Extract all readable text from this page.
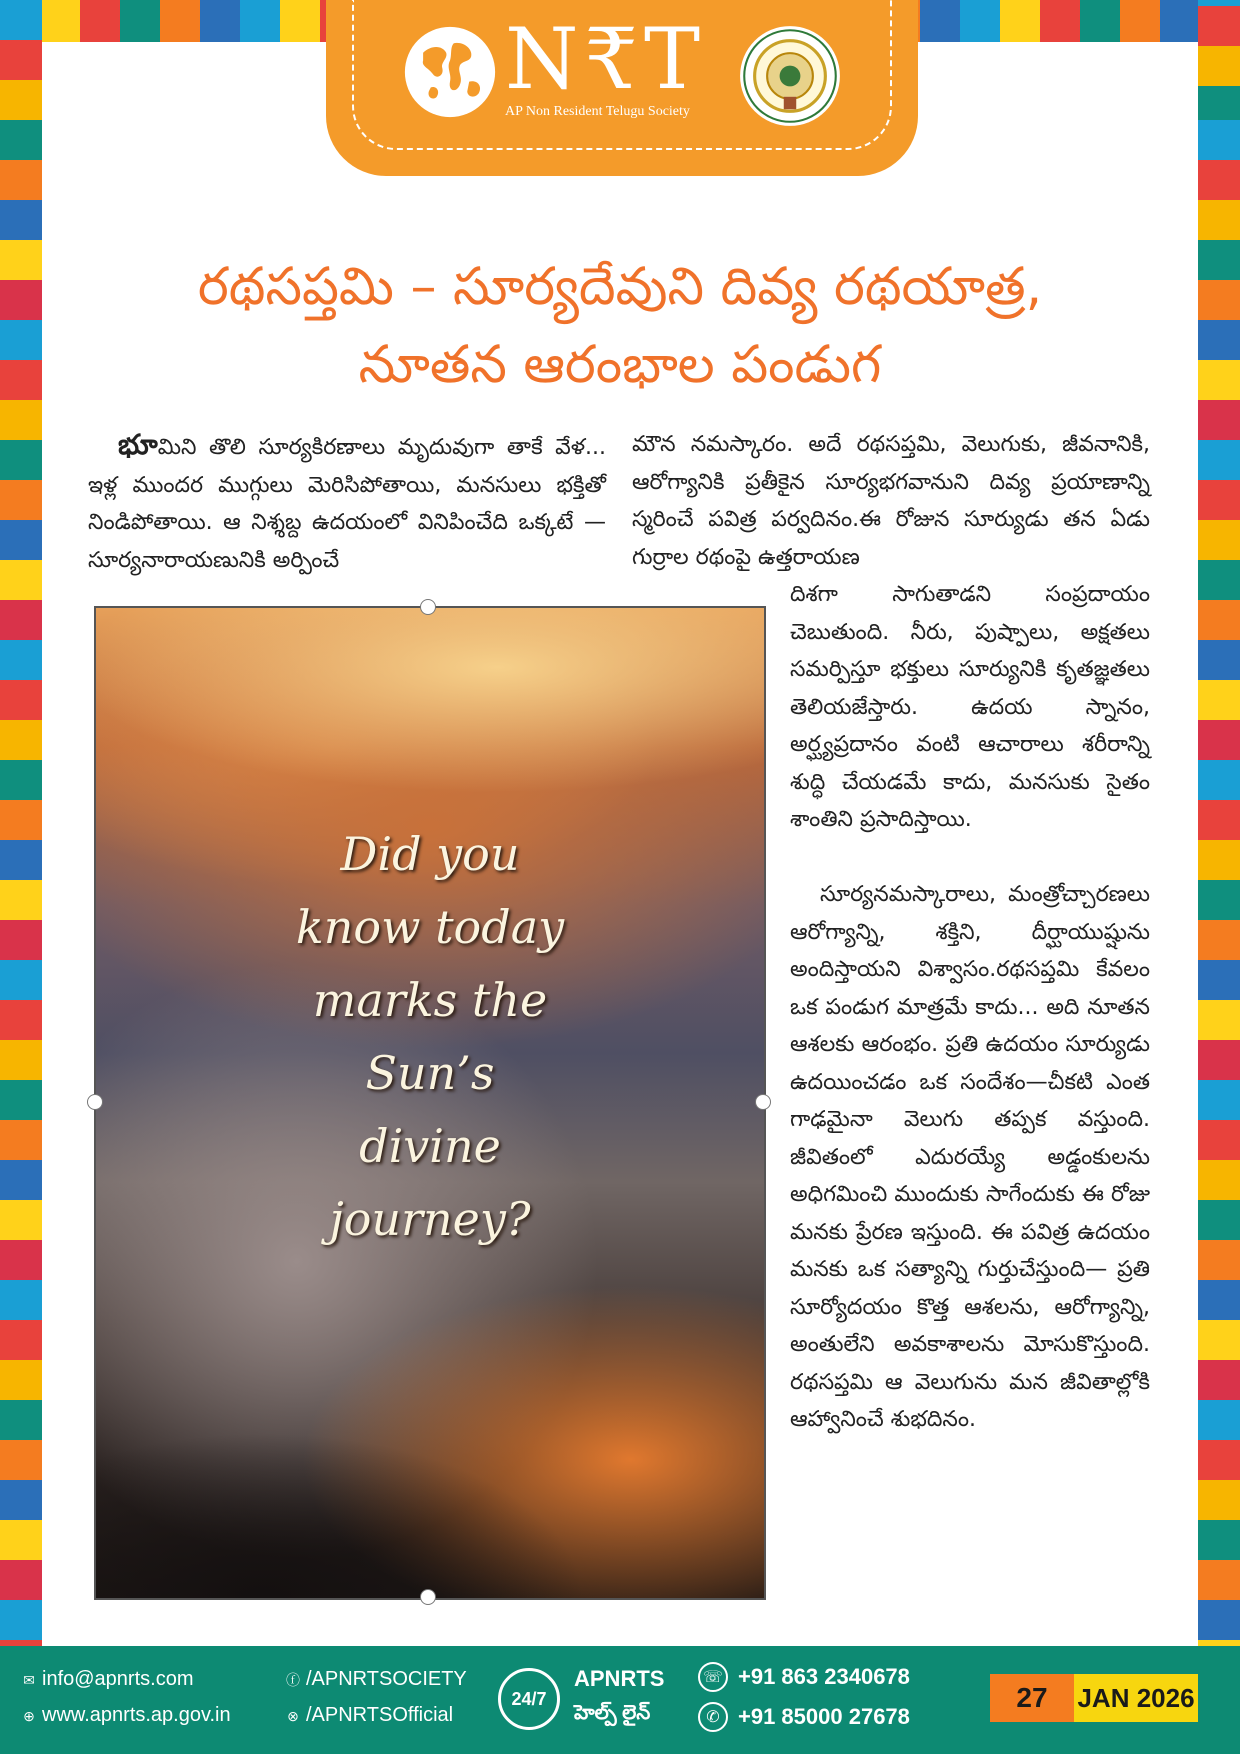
N₹T
AP Non Resident Telugu Society
రథసప్తమి – సూర్యదేవుని దివ్య రథయాత్ర,
నూతన ఆరంభాల పండుగ
భూమిని తొలి సూర్యకిరణాలు మృదువుగా తాకే వేళ... ఇళ్ల ముందర ముగ్గులు మెరిసిపోతాయి, మనసులు భక్తితో నిండిపోతాయి. ఆ నిశ్శబ్ద ఉదయంలో వినిపించేది ఒక్కటే — సూర్యనారాయణునికి అర్పించే
మౌన నమస్కారం. అదే రథసప్తమి, వెలుగుకు, జీవనానికి, ఆరోగ్యానికి ప్రతీకైన సూర్యభగవానుని దివ్య ప్రయాణాన్ని స్మరించే పవిత్ర పర్వదినం.ఈ రోజున సూర్యుడు తన ఏడు గుర్రాల రథంపై ఉత్తరాయణ
దిశగా సాగుతాడని సంప్రదాయం చెబుతుంది. నీరు, పుష్పాలు, అక్షతలు సమర్పిస్తూ భక్తులు సూర్యునికి కృతజ్ఞతలు తెలియజేస్తారు. ఉదయ స్నానం, అర్ఘ్యప్రదానం వంటి ఆచారాలు శరీరాన్ని శుద్ధి చేయడమే కాదు, మనసుకు సైతం శాంతిని ప్రసాదిస్తాయి.
సూర్యనమస్కారాలు, మంత్రోచ్చారణలు ఆరోగ్యాన్ని, శక్తిని, దీర్ఘాయుష్షును అందిస్తాయని విశ్వాసం.రథసప్తమి కేవలం ఒక పండుగ మాత్రమే కాదు... అది నూతన ఆశలకు ఆరంభం. ప్రతి ఉదయం సూర్యుడు ఉదయించడం ఒక సందేశం—చీకటి ఎంత గాఢమైనా వెలుగు తప్పక వస్తుంది. జీవితంలో ఎదురయ్యే అడ్డంకులను అధిగమించి ముందుకు సాగేందుకు ఈ రోజు మనకు ప్రేరణ ఇస్తుంది. ఈ పవిత్ర ఉదయం మనకు ఒక సత్యాన్ని గుర్తుచేస్తుంది— ప్రతి సూర్యోదయం కొత్త ఆశలను, ఆరోగ్యాన్ని, అంతులేని అవకాశాలను మోసుకొస్తుంది. రథసప్తమి ఆ వెలుగును మన జీవితాల్లోకి ఆహ్వానించే శుభదినం.
Did you
know today
marks the
Sun’s
divine
journey?
✉ info@apnrts.com
⊕ www.apnrts.ap.gov.in
ⓕ /APNRTSOCIETY
⊗ /APNRTSOfficial
24/7
APNRTS
హెల్ప్ లైన్
☏ +91 863 2340678
✆ +91 85000 27678
27	JAN 2026
